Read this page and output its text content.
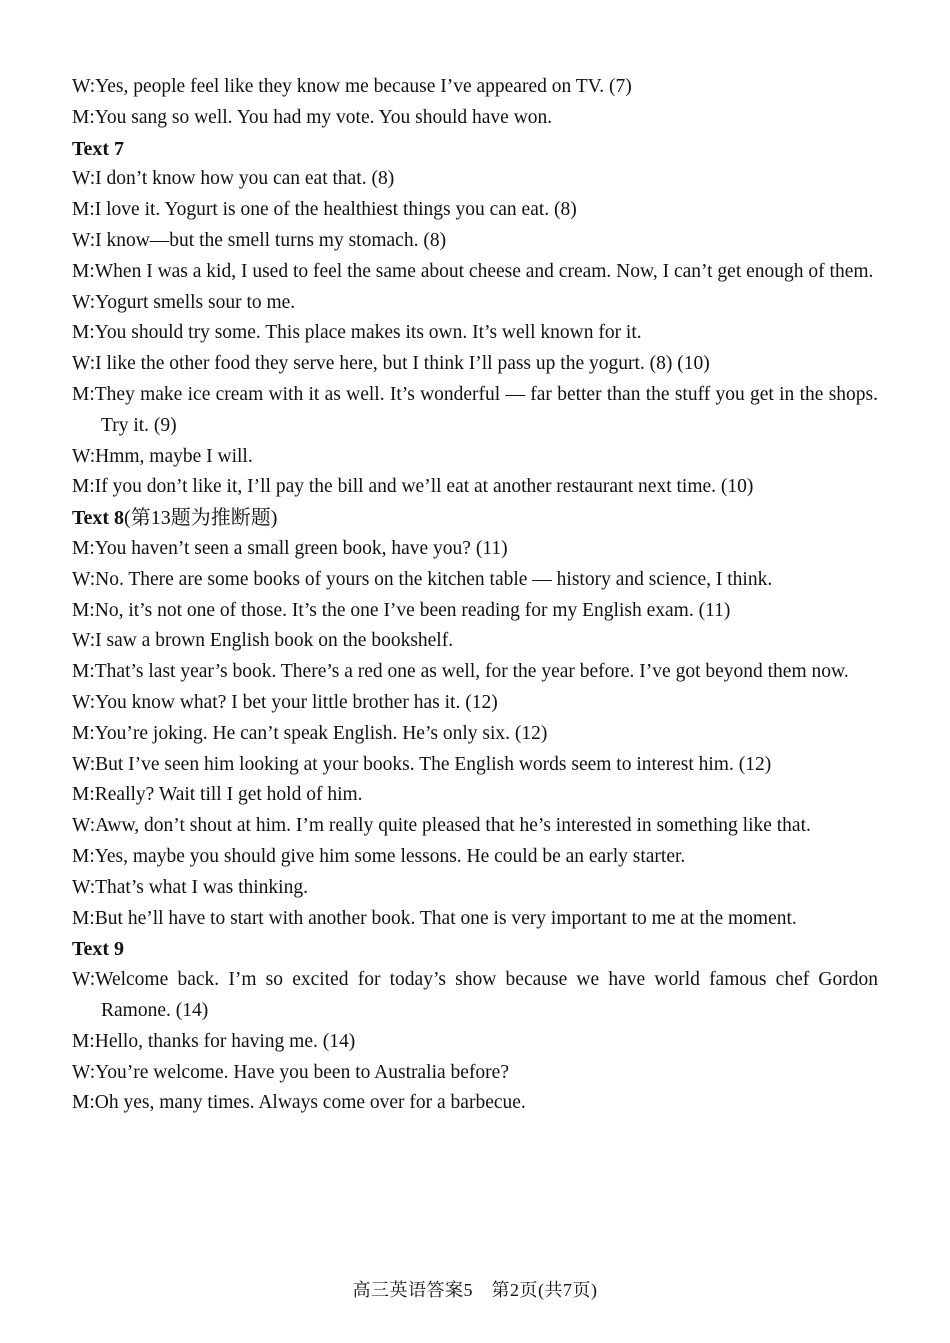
W:Yes, people feel like they know me because I’ve appeared on TV. (7)
M:You sang so well. You had my vote. You should have won.
Text 7
W:I don’t know how you can eat that. (8)
M:I love it. Yogurt is one of the healthiest things you can eat. (8)
W:I know—but the smell turns my stomach. (8)
M:When I was a kid, I used to feel the same about cheese and cream. Now, I can’t get enough of them.
W:Yogurt smells sour to me.
M:You should try some. This place makes its own. It’s well known for it.
W:I like the other food they serve here, but I think I’ll pass up the yogurt. (8) (10)
M:They make ice cream with it as well. It’s wonderful — far better than the stuff you get in the shops. Try it. (9)
W:Hmm, maybe I will.
M:If you don’t like it, I’ll pay the bill and we’ll eat at another restaurant next time. (10)
Text 8(第13题为推断题)
M:You haven’t seen a small green book, have you? (11)
W:No. There are some books of yours on the kitchen table — history and science, I think.
M:No, it’s not one of those. It’s the one I’ve been reading for my English exam. (11)
W:I saw a brown English book on the bookshelf.
M:That’s last year’s book. There’s a red one as well, for the year before. I’ve got beyond them now.
W:You know what? I bet your little brother has it. (12)
M:You’re joking. He can’t speak English. He’s only six. (12)
W:But I’ve seen him looking at your books. The English words seem to interest him. (12)
M:Really? Wait till I get hold of him.
W:Aww, don’t shout at him. I’m really quite pleased that he’s interested in something like that.
M:Yes, maybe you should give him some lessons. He could be an early starter.
W:That’s what I was thinking.
M:But he’ll have to start with another book. That one is very important to me at the moment.
Text 9
W:Welcome back. I’m so excited for today’s show because we have world famous chef Gordon Ramone. (14)
M:Hello, thanks for having me. (14)
W:You’re welcome. Have you been to Australia before?
M:Oh yes, many times. Always come over for a barbecue.
高三英语答案5　第2页(共7页)
